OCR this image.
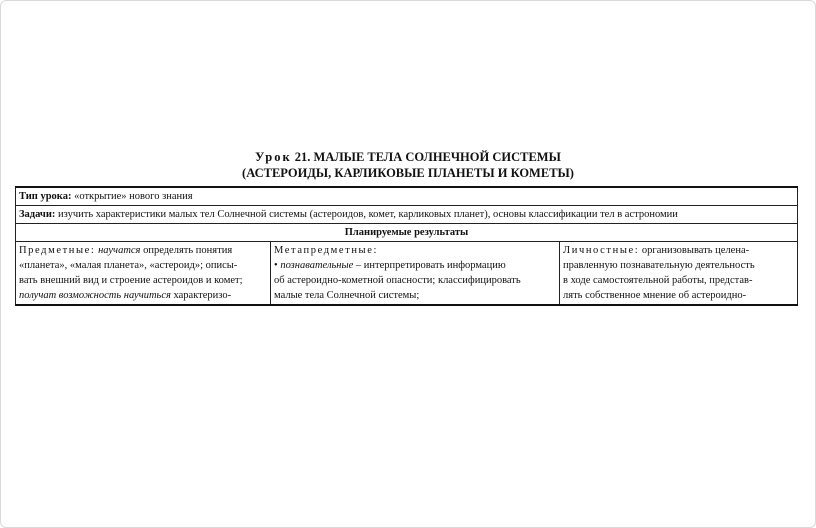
Урок 21. МАЛЫЕ ТЕЛА СОЛНЕЧНОЙ СИСТЕМЫ
(АСТЕРОИДЫ, КАРЛИКОВЫЕ ПЛАНЕТЫ И КОМЕТЫ)
Тип урока: «открытие» нового знания
Задачи: изучить характеристики малых тел Солнечной системы (астероидов, комет, карликовых планет), основы классификации тел в астрономии
Планируемые результаты

Предметные: научатся определять понятия
«планета», «малая планета», «астероид»; описы-
вать внешний вид и строение астероидов и комет;
получат возможность научиться характеризо-

Метапредметные:
• познавательные – интерпретировать информацию
об астероидно-кометной опасности; классифицировать
малые тела Солнечной системы;

Личностные: организовывать целена-
правленную познавательную деятельность
в ходе самостоятельной работы, представ-
лять собственное мнение об астероидно-
